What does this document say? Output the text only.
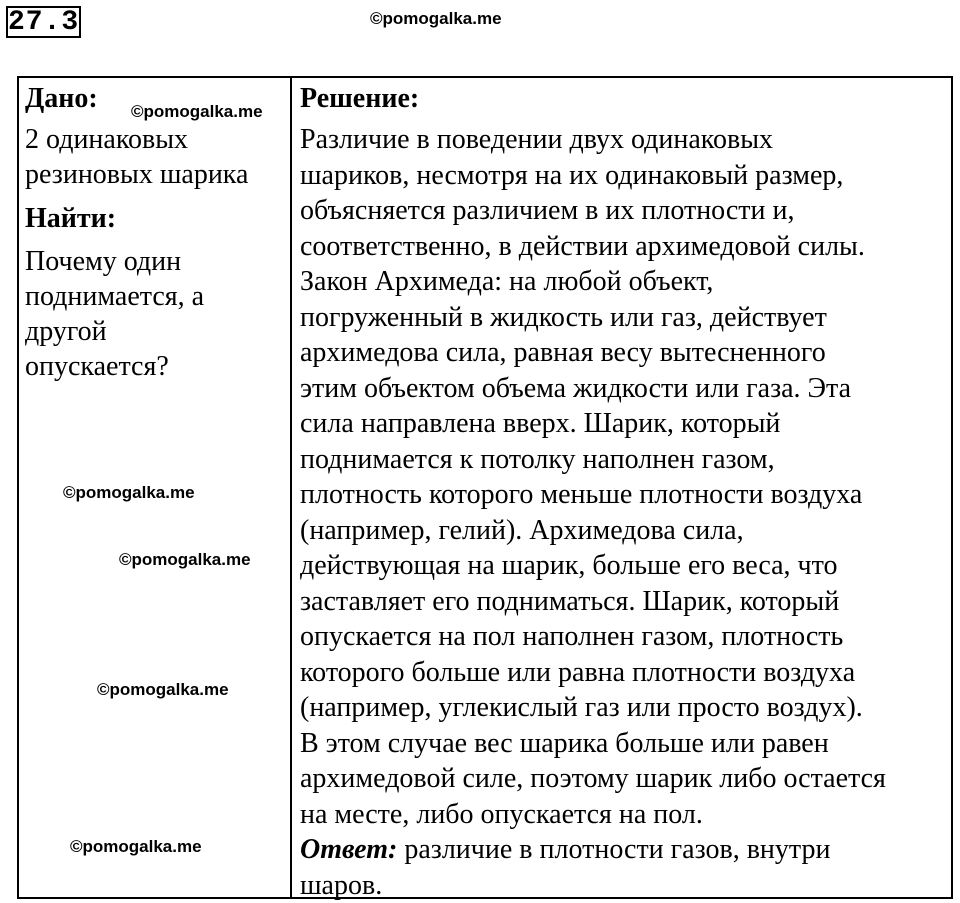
27.3	©pomogalka.me
Дано: ©pomogalka.me
2 одинаковых
резиновых шарика
Найти:
Почему один
поднимается, а
другой
опускается?
©pomogalka.me
©pomogalka.me
©pomogalka.me
©pomogalka.me

Решение:
Различие в поведении двух одинаковых
шариков, несмотря на их одинаковый размер,
объясняется различием в их плотности и,
соответственно, в действии архимедовой силы.
Закон Архимеда: на любой объект,
погруженный в жидкость или газ, действует
архимедова сила, равная весу вытесненного
этим объектом объема жидкости или газа. Эта
сила направлена вверх. Шарик, который
поднимается к потолку наполнен газом,
плотность которого меньше плотности воздуха
(например, гелий). Архимедова сила,
действующая на шарик, больше его веса, что
заставляет его подниматься. Шарик, который
опускается на пол наполнен газом, плотность
которого больше или равна плотности воздуха
(например, углекислый газ или просто воздух).
В этом случае вес шарика больше или равен
архимедовой силе, поэтому шарик либо остается
на месте, либо опускается на пол.
Ответ: различие в плотности газов, внутри
шаров.
